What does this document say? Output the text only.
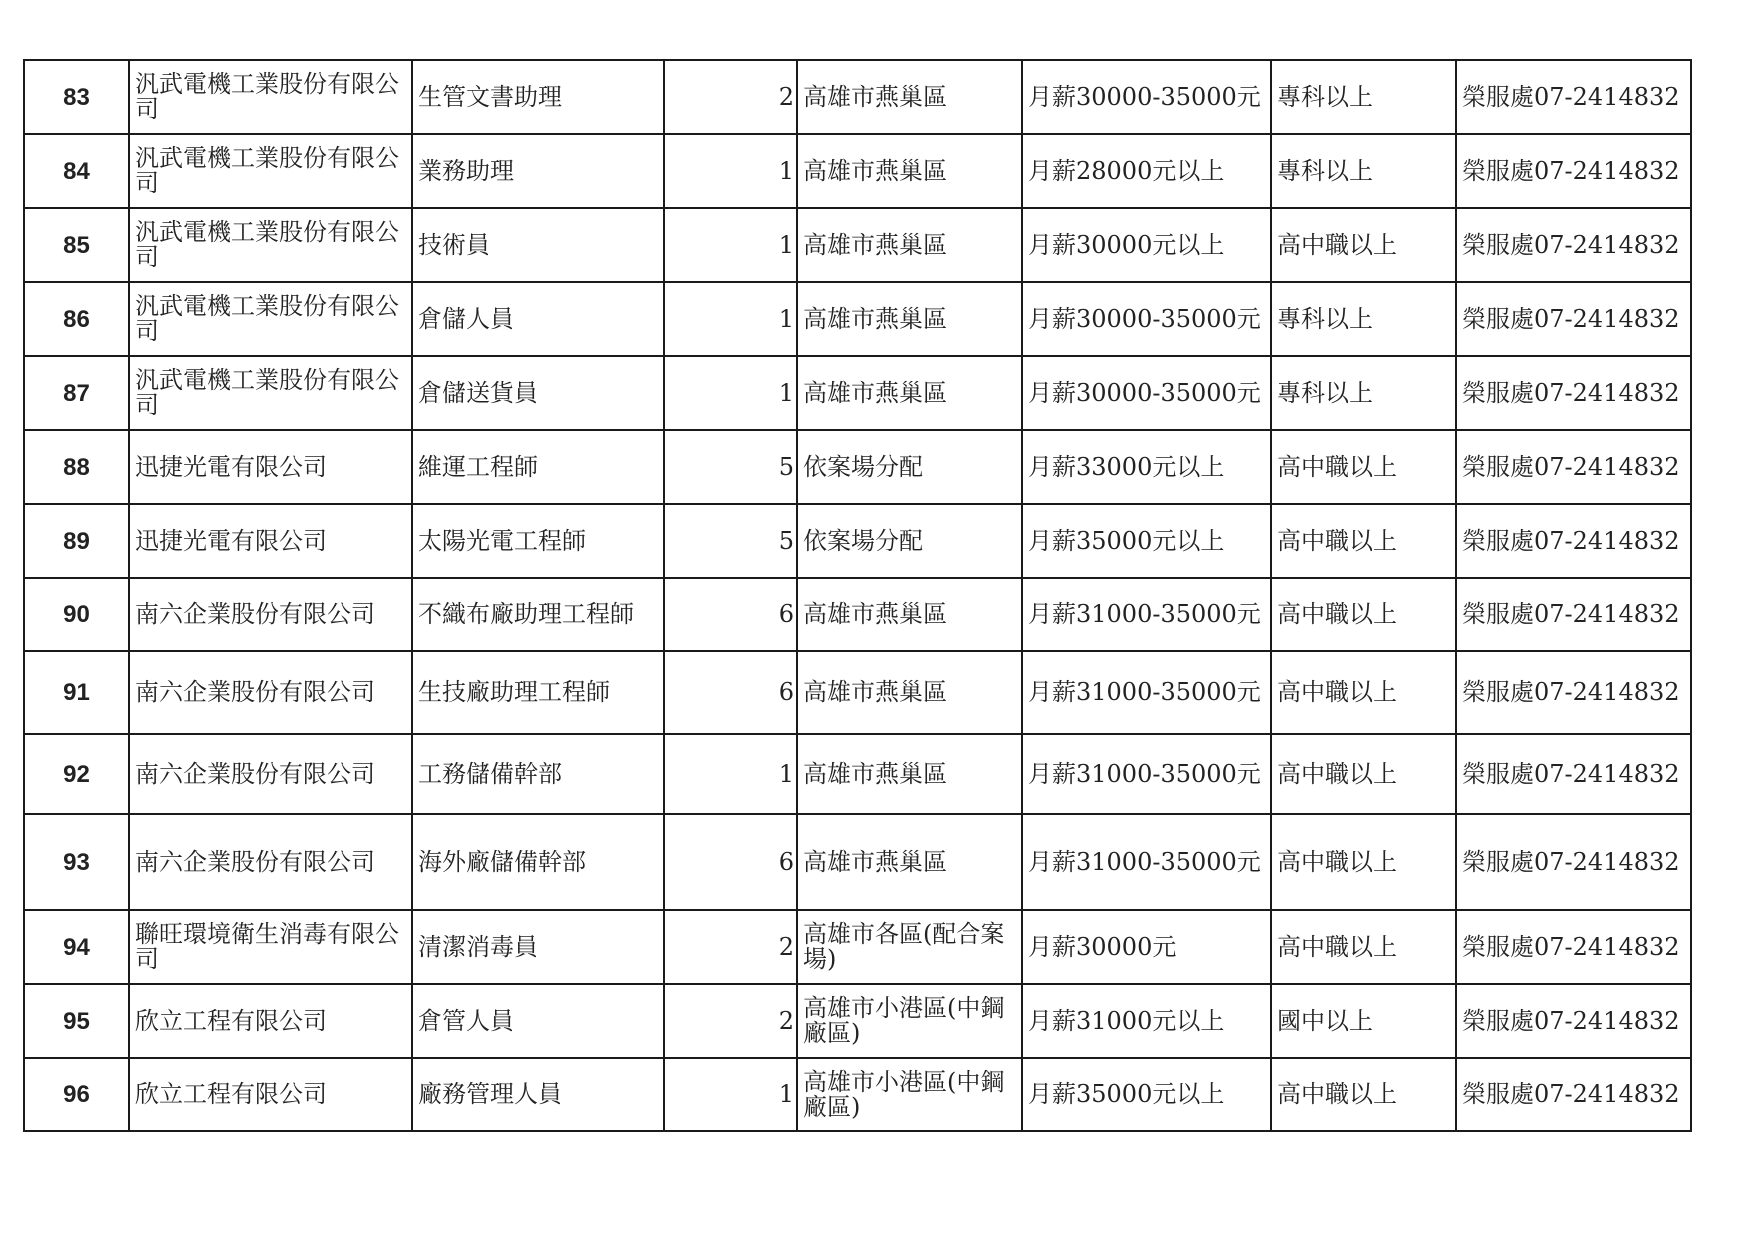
83	汎武電機工業股份有限公司	生管文書助理	2	高雄市燕巢區	月薪30000-35000元	專科以上	榮服處07-2414832
84	汎武電機工業股份有限公司	業務助理	1	高雄市燕巢區	月薪28000元以上	專科以上	榮服處07-2414832
85	汎武電機工業股份有限公司	技術員	1	高雄市燕巢區	月薪30000元以上	高中職以上	榮服處07-2414832
86	汎武電機工業股份有限公司	倉儲人員	1	高雄市燕巢區	月薪30000-35000元	專科以上	榮服處07-2414832
87	汎武電機工業股份有限公司	倉儲送貨員	1	高雄市燕巢區	月薪30000-35000元	專科以上	榮服處07-2414832
88	迅捷光電有限公司	維運工程師	5	依案場分配	月薪33000元以上	高中職以上	榮服處07-2414832
89	迅捷光電有限公司	太陽光電工程師	5	依案場分配	月薪35000元以上	高中職以上	榮服處07-2414832
90	南六企業股份有限公司	不織布廠助理工程師	6	高雄市燕巢區	月薪31000-35000元	高中職以上	榮服處07-2414832
91	南六企業股份有限公司	生技廠助理工程師	6	高雄市燕巢區	月薪31000-35000元	高中職以上	榮服處07-2414832
92	南六企業股份有限公司	工務儲備幹部	1	高雄市燕巢區	月薪31000-35000元	高中職以上	榮服處07-2414832
93	南六企業股份有限公司	海外廠儲備幹部	6	高雄市燕巢區	月薪31000-35000元	高中職以上	榮服處07-2414832
94	聯旺環境衛生消毒有限公司	清潔消毒員	2	高雄市各區(配合案場)	月薪30000元	高中職以上	榮服處07-2414832
95	欣立工程有限公司	倉管人員	2	高雄市小港區(中鋼廠區)	月薪31000元以上	國中以上	榮服處07-2414832
96	欣立工程有限公司	廠務管理人員	1	高雄市小港區(中鋼廠區)	月薪35000元以上	高中職以上	榮服處07-2414832
